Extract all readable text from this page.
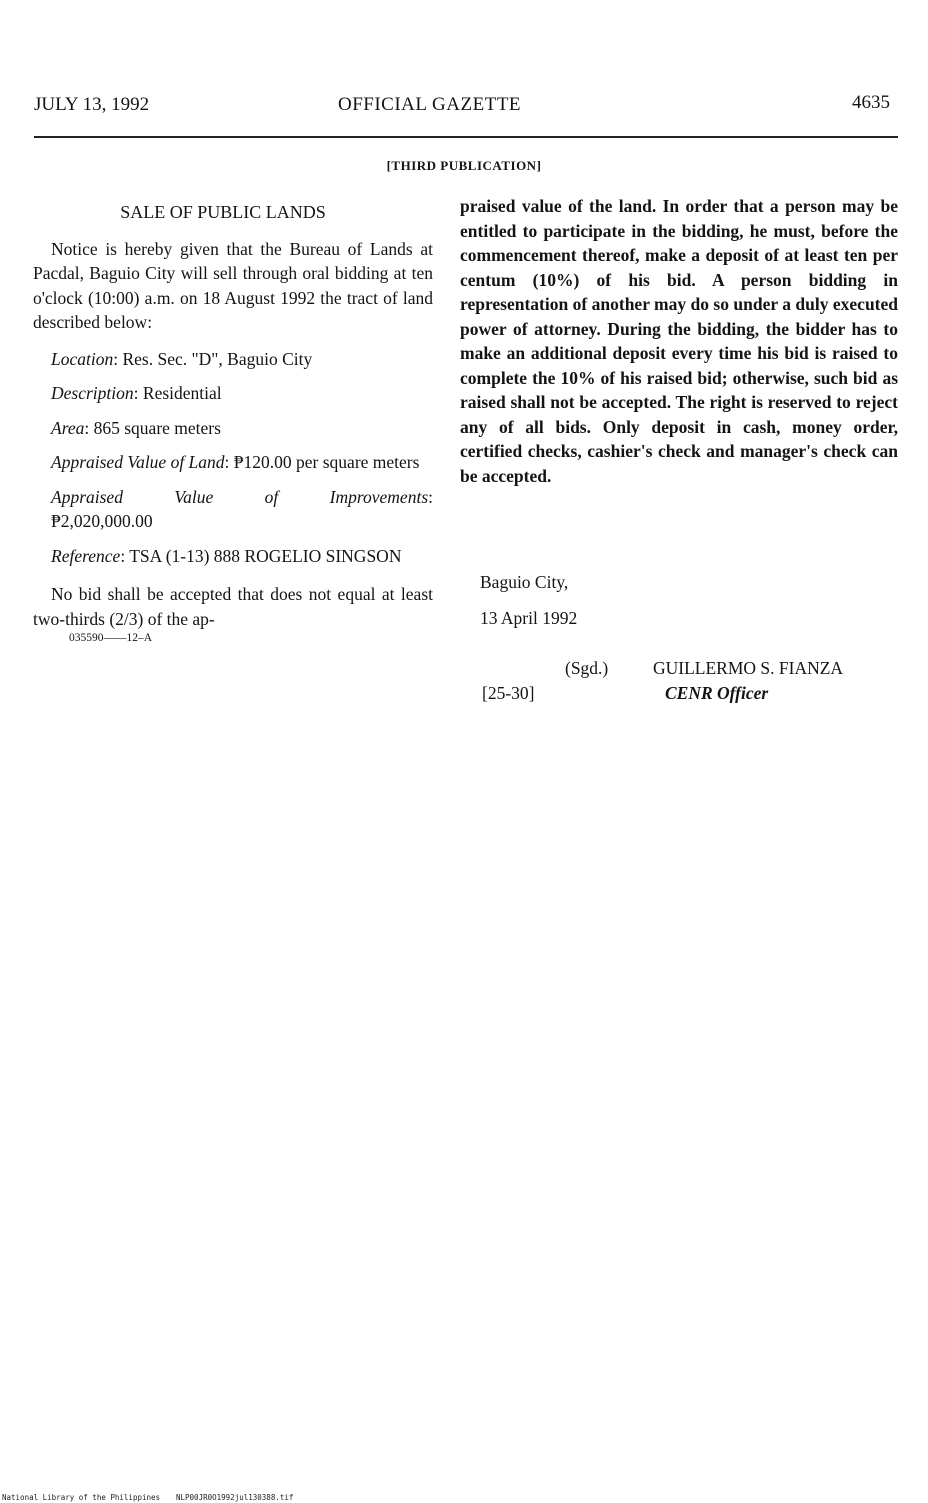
JULY 13, 1992	OFFICIAL GAZETTE	4635
[THIRD PUBLICATION]

SALE OF PUBLIC LANDS

Notice is hereby given that the Bureau of Lands at Pacdal, Baguio City will sell through oral bidding at ten o'clock (10:00) a.m. on 18 August 1992 the tract of land described below:

Location: Res. Sec. "D", Baguio City

Description: Residential

Area: 865 square meters

Appraised Value of Land: ₱120.00 per square meters

Appraised Value of Improvements:

₱2,020,000.00

Reference: TSA (1-13) 888 ROGELIO SINGSON

No bid shall be accepted that does not equal at least two-thirds (2/3) of the ap-

035590——12–A

praised value of the land. In order that a person may be entitled to participate in the bidding, he must, before the commencement thereof, make a deposit of at least ten per centum (10%) of his bid. A person bidding in representation of another may do so under a duly executed power of attorney. During the bidding, the bidder has to make an additional deposit every time his bid is raised to complete the 10% of his raised bid; otherwise, such bid as raised shall not be accepted. The right is reserved to reject any of all bids. Only deposit in cash, money order, certified checks, cashier's check and manager's check can be accepted.

Baguio City,
13 April 1992
(Sgd.)	GUILLERMO S. FIANZA
[25-30]	CENR Officer
National Library of the Philippines NLP00JR0O1992jul130388.tif
